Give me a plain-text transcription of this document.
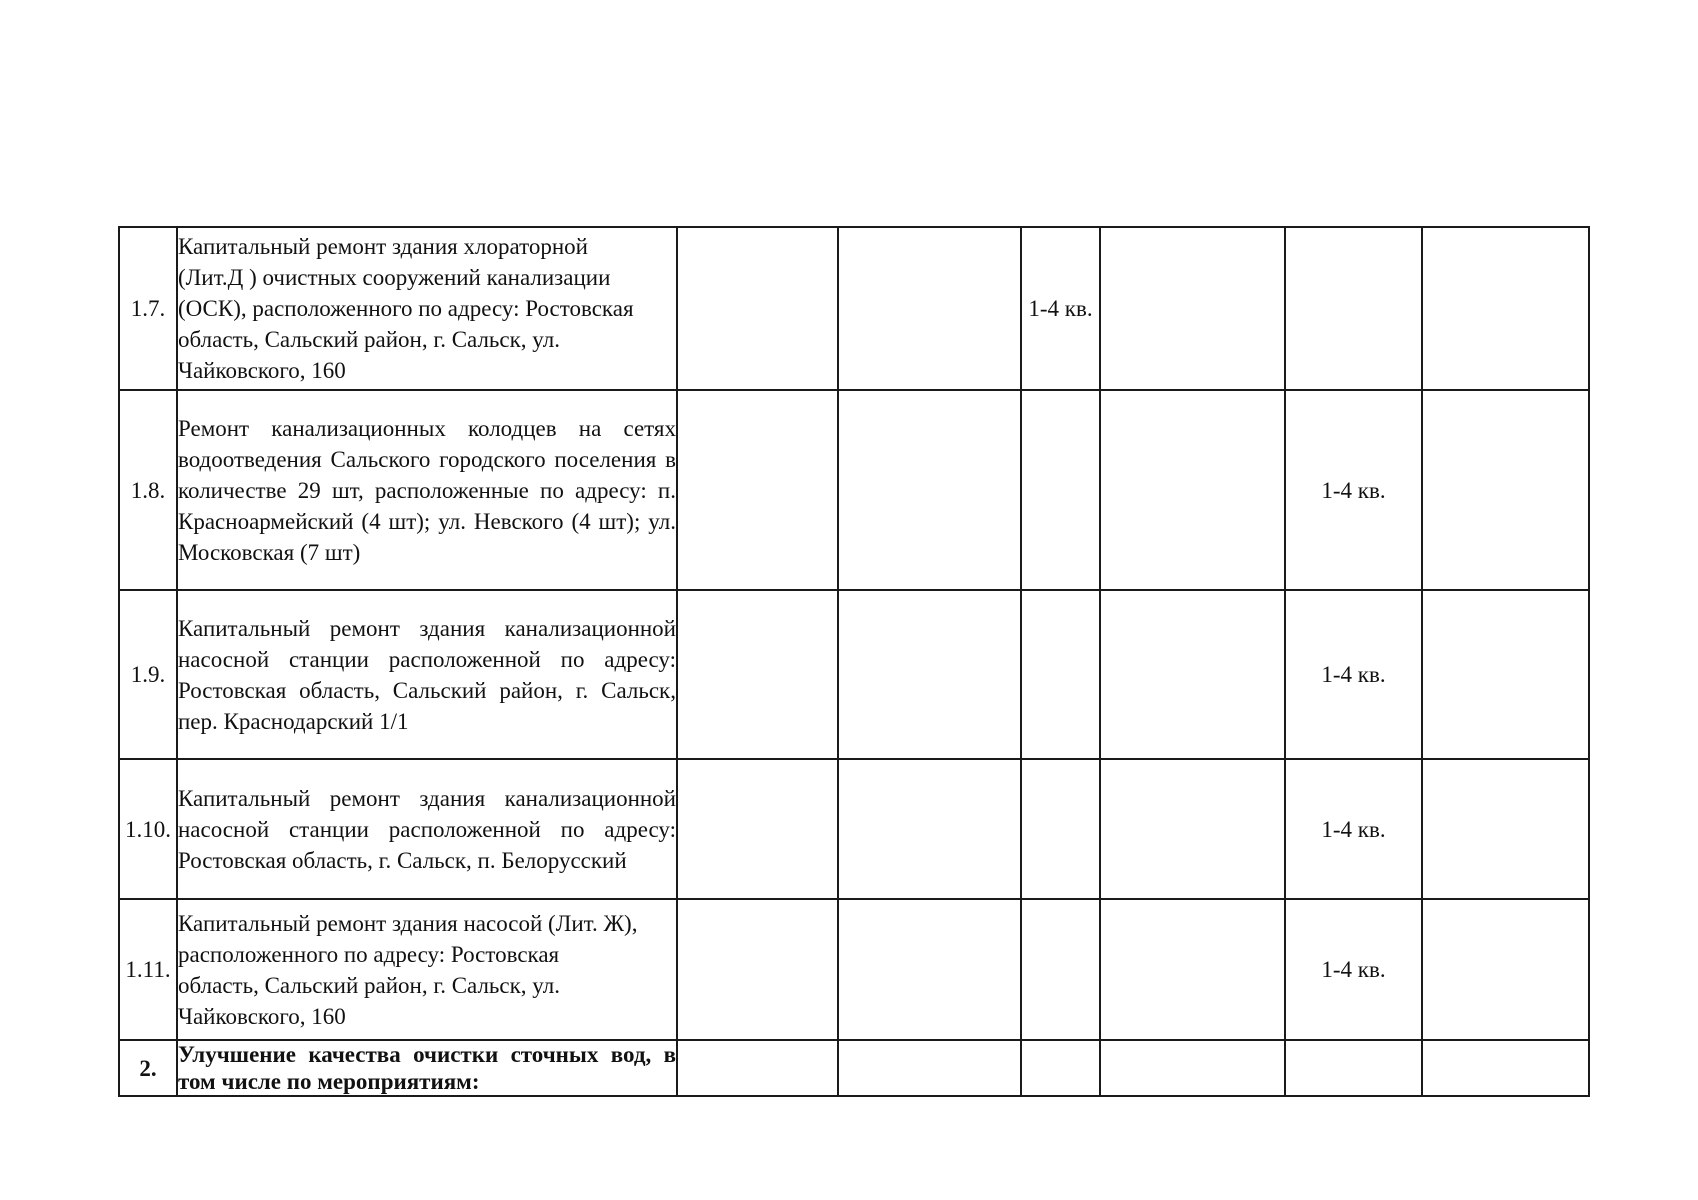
1.7.	Капитальный ремонт здания хлораторной
(Лит.Д ) очистных сооружений канализации
(ОСК), расположенного по адресу: Ростовская
область, Сальский район, г. Сальск, ул.
Чайковского, 160			1-4 кв.			
1.8.	Ремонт канализационных колодцев на сетях водоотведения Сальского городского поселения в количестве 29 шт, расположенные по адресу: п. Красноармейский (4 шт); ул. Невского (4 шт); ул. Московская (7 шт)					1-4 кв.	
1.9.	Капитальный ремонт здания канализационной насосной станции расположенной по адресу: Ростовская область, Сальский район, г. Сальск, пер. Краснодарский 1/1					1-4 кв.	
1.10.	Капитальный ремонт здания канализационной насосной станции расположенной по адресу: Ростовская область, г. Сальск, п. Белорусский					1-4 кв.	
1.11.	Капитальный ремонт здания насосой (Лит. Ж),
расположенного по адресу: Ростовская
область, Сальский район, г. Сальск, ул.
Чайковского, 160					1-4 кв.	
2.	Улучшение качества очистки сточных вод, в том числе по мероприятиям:						
